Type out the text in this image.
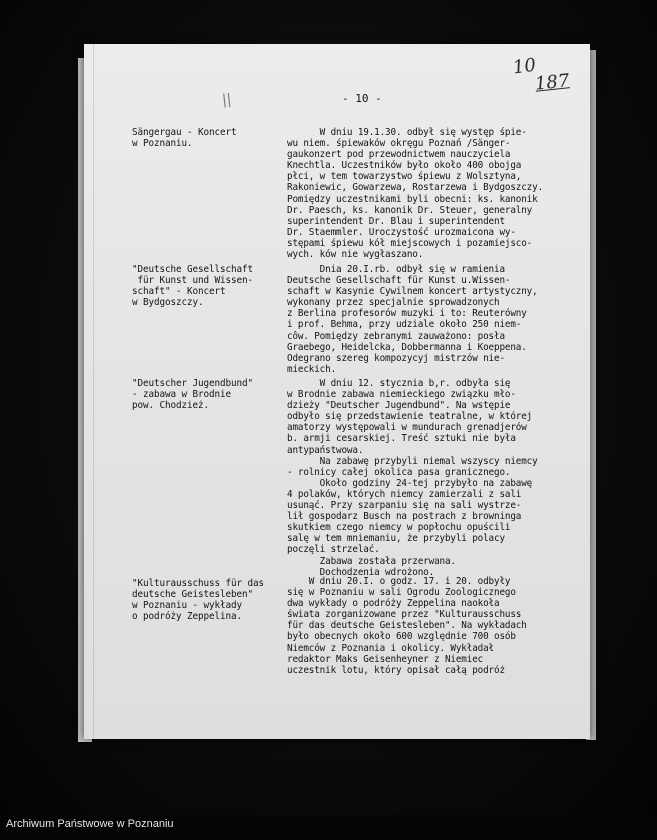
10
187
||	- 10 -
Sängergau - Koncert
w Poznaniu.
W dniu 19.1.30. odbył się występ śpie-
wu niem. śpiewaków okręgu Poznań /Sänger-
gaukonzert pod przewodnictwem nauczyciela
Knechtla. Uczestników było około 400 obojga
płci, w tem towarzystwo śpiewu z Wolsztyna,
Rakoniewic, Gowarzewa, Rostarzewa i Bydgoszczy.
Pomiędzy uczestnikami byli obecni: ks. kanonik
Dr. Paesch, ks. kanonik Dr. Steuer, generalny
superintendent Dr. Blau i superintendent
Dr. Staemmler. Uroczystość urozmaicona wy-
stępami śpiewu kół miejscowych i pozamiejsco-
wych. ków nie wygłaszano.
"Deutsche Gesellschaft
für Kunst und Wissen-
schaft" - Koncert
w Bydgoszczy.
Dnia 20.I.rb. odbył się w ramienia
Deutsche Gesellschaft für Kunst u.Wissen-
schaft w Kasynie Cywilnem koncert artystyczny,
wykonany przez specjalnie sprowadzonych
z Berlina profesorów muzyki i to: Reuterówny
i prof. Behma, przy udziale około 250 niem-
côw. Pomiędzy zebranymi zauważono: posła
Graebego, Heidelcka, Dobbermanna i Koeppena.
Odegrano szereg kompozycyj mistrzów nie-
mieckich.
"Deutscher Jugendbund"
- zabawa w Brodnie
pow. Chodzież.
W dniu 12. stycznia b,r. odbyła się
w Brodnie zabawa niemieckiego związku mło-
dzieży "Deutscher Jugendbund". Na wstępie
odbyło się przedstawienie teatralne, w której
amatorzy występowali w mundurach grenadjerów
b. armji cesarskiej. Treść sztuki nie była
antypaństwowa.
Na zabawę przybyli niemal wszyscy niemcy
- rolnicy całej okolica pasa granicznego.
Około godziny 24-tej przybyło na zabawę
4 polaków, których niemcy zamierzali z sali
usunąć. Przy szarpaniu się na sali wystrze-
lił gospodarz Busch na postrach z browninga
skutkiem czego niemcy w popłochu opuścili
salę w tem mniemaniu, że przybyli polacy
poczęli strzelać.
Zabawa została przerwana.
Dochodzenia wdrożono.
"Kulturausschuss für das
deutsche Geistesleben"
w Poznaniu - wykłady
o podróży Zeppelina.
W dniu 20.I. o godz. 17. i 20. odbyły
się w Poznaniu w sali Ogrodu Zoologicznego
dwa wykłady o podróży Zeppelina naokoła
świata zorganizowane przez "Kulturausschuss
für das deutsche Geistesleben". Na wykładach
było obecnych około 600 względnie 700 osób
Niemców z Poznania i okolicy. Wykładał
redaktor Maks Geisenheyner z Niemiec
uczestnik lotu, który opisał całą podróż
Archiwum Państwowe w Poznaniu
